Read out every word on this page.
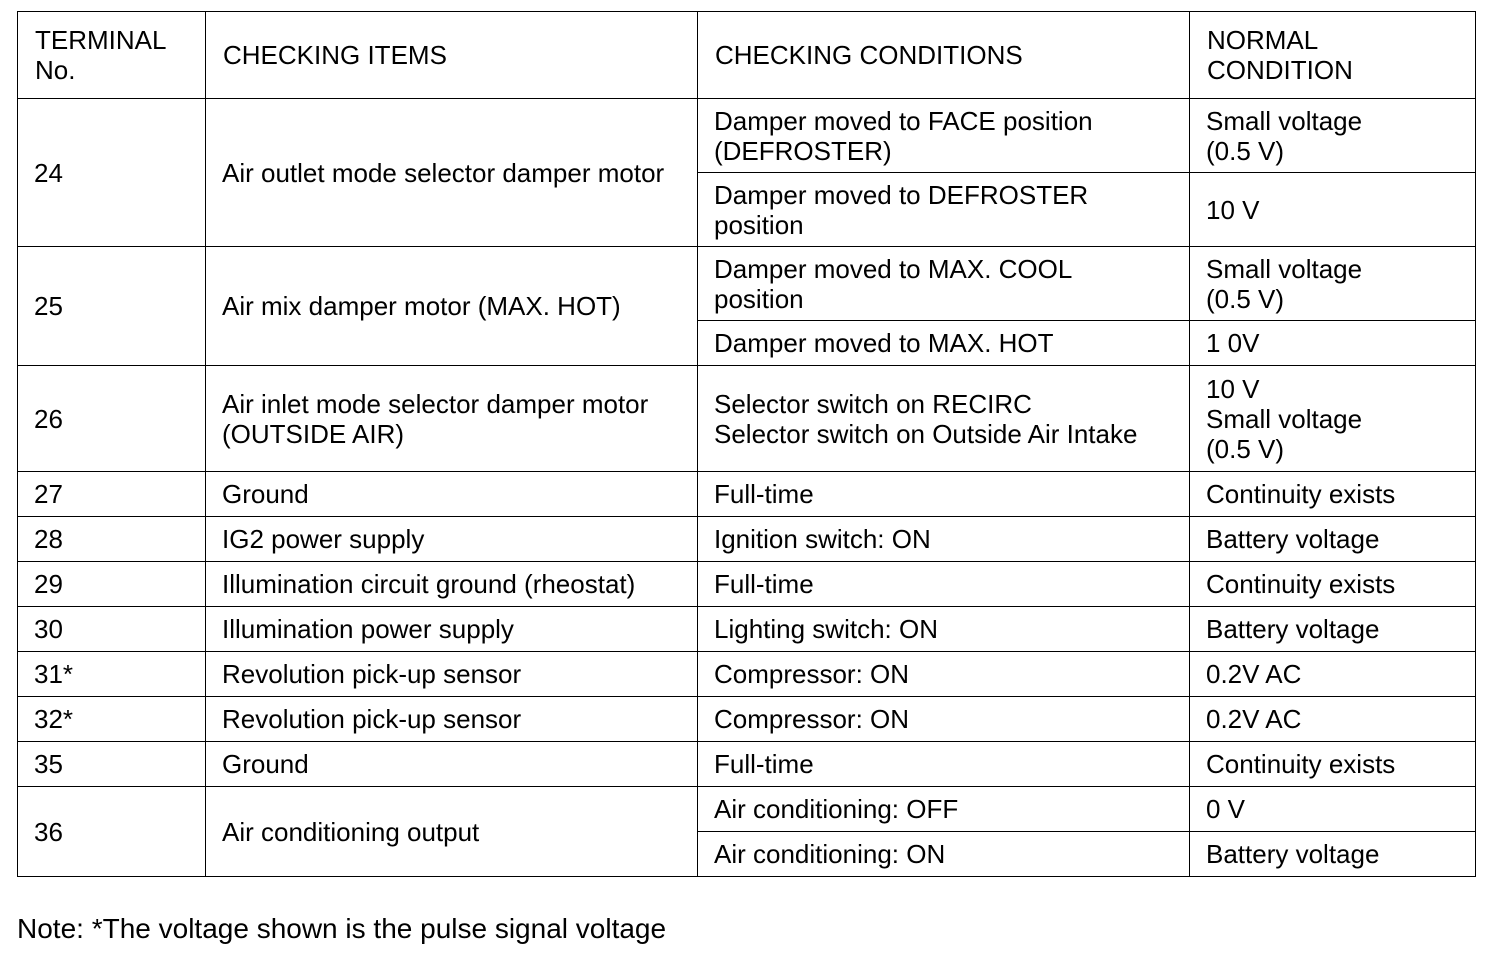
TERMINAL
No.	CHECKING ITEMS	CHECKING CONDITIONS	NORMAL
CONDITION
24	Air outlet mode selector damper motor	Damper moved to FACE position
(DEFROSTER)	Small voltage
(0.5 V)
		Damper moved to DEFROSTER
position	10 V
25	Air mix damper motor (MAX. HOT)	Damper moved to MAX. COOL
position	Small voltage
(0.5 V)
		Damper moved to MAX. HOT	1 0V
26	Air inlet mode selector damper motor
(OUTSIDE AIR)	Selector switch on RECIRC
Selector switch on Outside Air Intake	10 V
Small voltage
(0.5 V)
27	Ground	Full-time	Continuity exists
28	IG2 power supply	Ignition switch: ON	Battery voltage
29	Illumination circuit ground (rheostat)	Full-time	Continuity exists
30	Illumination power supply	Lighting switch: ON	Battery voltage
31*	Revolution pick-up sensor	Compressor: ON	0.2V AC
32*	Revolution pick-up sensor	Compressor: ON	0.2V AC
35	Ground	Full-time	Continuity exists
36	Air conditioning output	Air conditioning: OFF	0 V
		Air conditioning: ON	Battery voltage
Note: *The voltage shown is the pulse signal voltage
